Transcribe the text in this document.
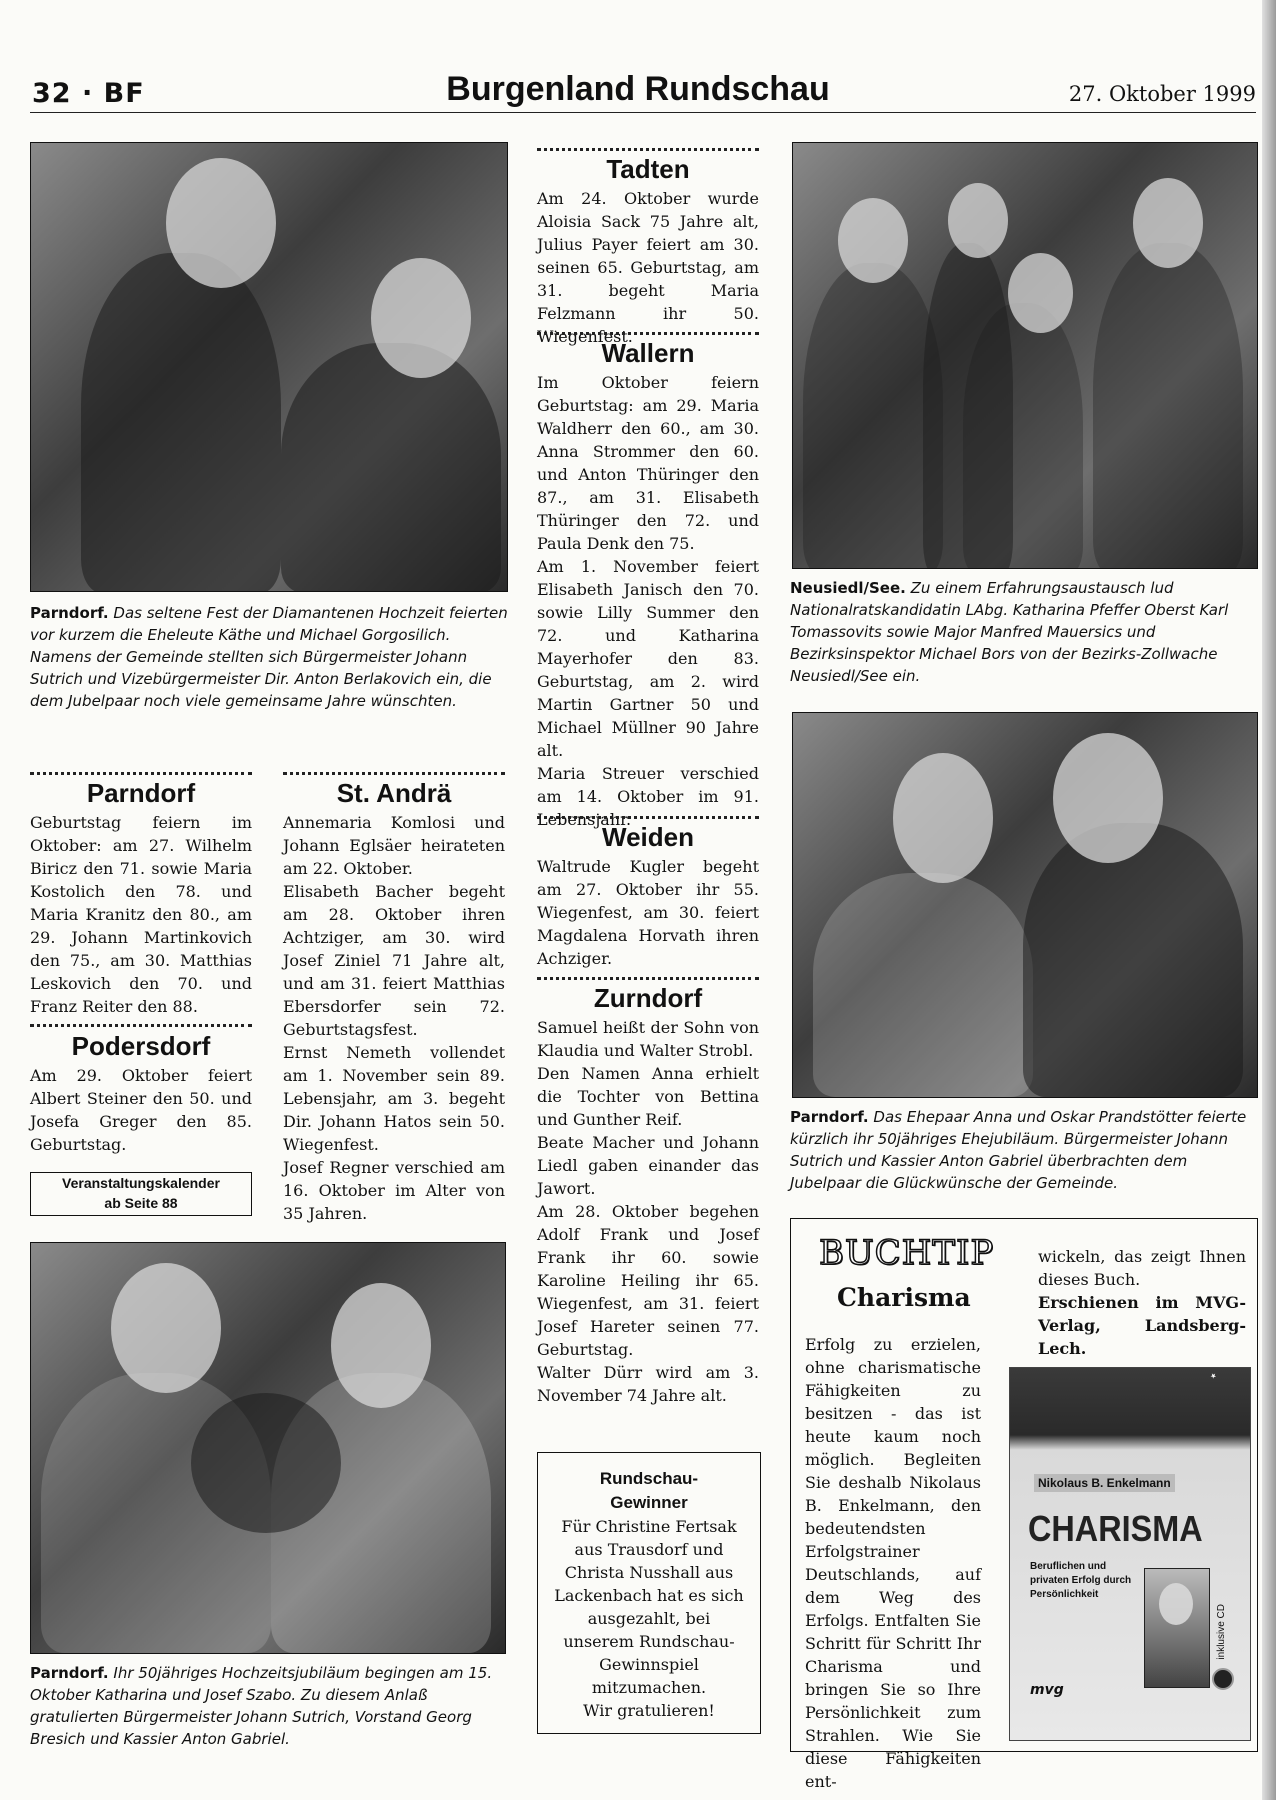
32 · BF	Burgenland Rundschau	27. Oktober 1999
Parndorf. Das seltene Fest der Diamantenen Hochzeit feierten vor kurzem die Eheleute Käthe und Michael Gorgosilich. Namens der Gemeinde stellten sich Bürgermeister Johann Sutrich und Vizebürgermeister Dir. Anton Berlakovich ein, die dem Jubelpaar noch viele gemeinsame Jahre wünschten.
Neusiedl/See. Zu einem Erfahrungsaustausch lud Nationalratskandidatin LAbg. Katharina Pfeffer Oberst Karl Tomassovits sowie Major Manfred Mauersics und Bezirksinspektor Michael Bors von der Bezirks-Zollwache Neusiedl/See ein.
Parndorf. Das Ehepaar Anna und Oskar Prandstötter feierte kürzlich ihr 50jähriges Ehejubiläum. Bürgermeister Johann Sutrich und Kassier Anton Gabriel überbrachten dem Jubelpaar die Glückwünsche der Gemeinde.
Parndorf
Geburtstag feiern im Oktober: am 27. Wilhelm Biricz den 71. sowie Maria Kostolich den 78. und Maria Kranitz den 80., am 29. Johann Martinkovich den 75., am 30. Matthias Leskovich den 70. und Franz Reiter den 88.
Podersdorf
Am 29. Oktober feiert Albert Steiner den 50. und Josefa Greger den 85. Geburtstag.
Veranstaltungskalender
ab Seite 88
St. Andrä

Annemaria Komlosi und Johann Eglsäer heirateten am 22. Oktober.

Elisabeth Bacher begeht am 28. Oktober ihren Achtziger, am 30. wird Josef Ziniel 71 Jahre alt, und am 31. feiert Matthias Ebersdorfer sein 72. Geburtstagsfest.

Ernst Nemeth vollendet am 1. November sein 89. Lebensjahr, am 3. begeht Dir. Johann Hatos sein 50. Wiegenfest.

Josef Regner verschied am 16. Oktober im Alter von 35 Jahren.

Parndorf. Ihr 50jähriges Hochzeitsjubiläum begingen am 15. Oktober Katharina und Josef Szabo. Zu diesem Anlaß gratulierten Bürgermeister Johann Sutrich, Vorstand Georg Bresich und Kassier Anton Gabriel.
Tadten
Am 24. Oktober wurde Aloisia Sack 75 Jahre alt, Julius Payer feiert am 30. seinen 65. Geburtstag, am 31. begeht Maria Felzmann ihr 50. Wiegenfest.
Wallern

Im Oktober feiern Geburtstag: am 29. Maria Waldherr den 60., am 30. Anna Strommer den 60. und Anton Thüringer den 87., am 31. Elisabeth Thüringer den 72. und Paula Denk den 75.

Am 1. November feiert Elisabeth Janisch den 70. sowie Lilly Summer den 72. und Katharina Mayerhofer den 83. Geburtstag, am 2. wird Martin Gartner 50 und Michael Müllner 90 Jahre alt.

Maria Streuer verschied am 14. Oktober im 91. Lebensjahr.

Weiden
Waltrude Kugler begeht am 27. Oktober ihr 55. Wiegenfest, am 30. feiert Magdalena Horvath ihren Achziger.
Zurndorf

Samuel heißt der Sohn von Klaudia und Walter Strobl.

Den Namen Anna erhielt die Tochter von Bettina und Gunther Reif.

Beate Macher und Johann Liedl gaben einander das Jawort.

Am 28. Oktober begehen Adolf Frank und Josef Frank ihr 60. sowie Karoline Heiling ihr 65. Wiegenfest, am 31. feiert Josef Hareter seinen 77. Geburtstag.

Walter Dürr wird am 3. November 74 Jahre alt.

Rundschau-
Gewinner
Für Christine Fertsak aus Trausdorf und Christa Nusshall aus Lackenbach hat es sich ausgezahlt, bei unserem Rundschau-Gewinnspiel mitzumachen.
Wir gratulieren!
BUCHTIP
Charisma
Erfolg zu erzielen, ohne charismatische Fähigkeiten zu besitzen - das ist heute kaum noch möglich. Begleiten Sie deshalb Nikolaus B. Enkelmann, den bedeutendsten Erfolgstrainer Deutschlands, auf dem Weg des Erfolgs. Entfalten Sie Schritt für Schritt Ihr Charisma und bringen Sie so Ihre Persönlichkeit zum Strahlen. Wie Sie diese Fähigkeiten ent-

wickeln, das zeigt Ihnen dieses Buch.

Erschienen im MVG-Verlag, Landsberg-Lech.

★
Nikolaus B. Enkelmann
CHARISMA
Beruflichen und privaten Erfolg durch Persönlichkeit
inklusive CD
mvg
